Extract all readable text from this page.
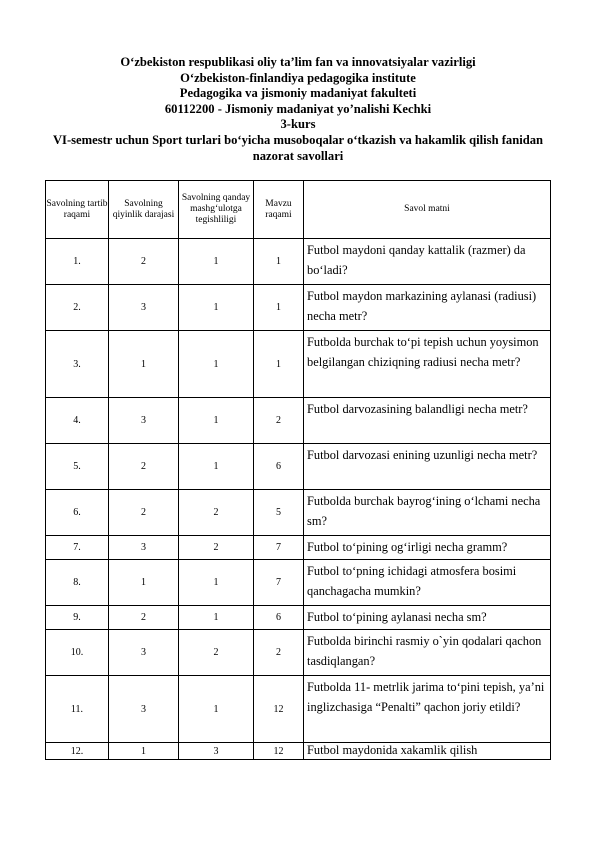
O‘zbekiston respublikasi oliy ta’lim fan va innovatsiyalar vazirligi
O‘zbekiston-finlandiya pedagogika institute
Pedagogika va jismoniy madaniyat fakulteti
60112200 - Jismoniy madaniyat yo’nalishi Kechki
3-kurs
VI-semestr uchun Sport turlari bo‘yicha musoboqalar o‘tkazish va hakamlik qilish fanidan nazorat savollari
Savolning tartib raqami	Savolning qiyinlik darajasi	Savolning qanday mashg‘ulotga tegishliligi	Mavzu raqami	Savol matni
1.	2	1	1	Futbol maydoni qanday kattalik (razmer) da bo‘ladi?
2.	3	1	1	Futbol maydon markazining aylanasi (radiusi) necha metr?
3.	1	1	1	Futbolda burchak to‘pi tepish uchun yoysimon belgilangan chiziqning radiusi necha metr?
4.	3	1	2	Futbol darvozasining balandligi necha metr?
5.	2	1	6	Futbol darvozasi enining uzunligi necha metr?
6.	2	2	5	Futbolda burchak bayrog‘ining o‘lchami necha sm?
7.	3	2	7	Futbol to‘pining og‘irligi necha gramm?
8.	1	1	7	Futbol to‘pning ichidagi atmosfera bosimi qanchagacha mumkin?
9.	2	1	6	Futbol to‘pining aylanasi necha sm?
10.	3	2	2	Futbolda birinchi rasmiy o`yin qodalari qachon tasdiqlangan?
11.	3	1	12	Futbolda 11- metrlik jarima to‘pini tepish, ya’ni inglizchasiga “Penalti” qachon joriy etildi?
12.	1	3	12	Futbol maydonida xakamlik qilish
